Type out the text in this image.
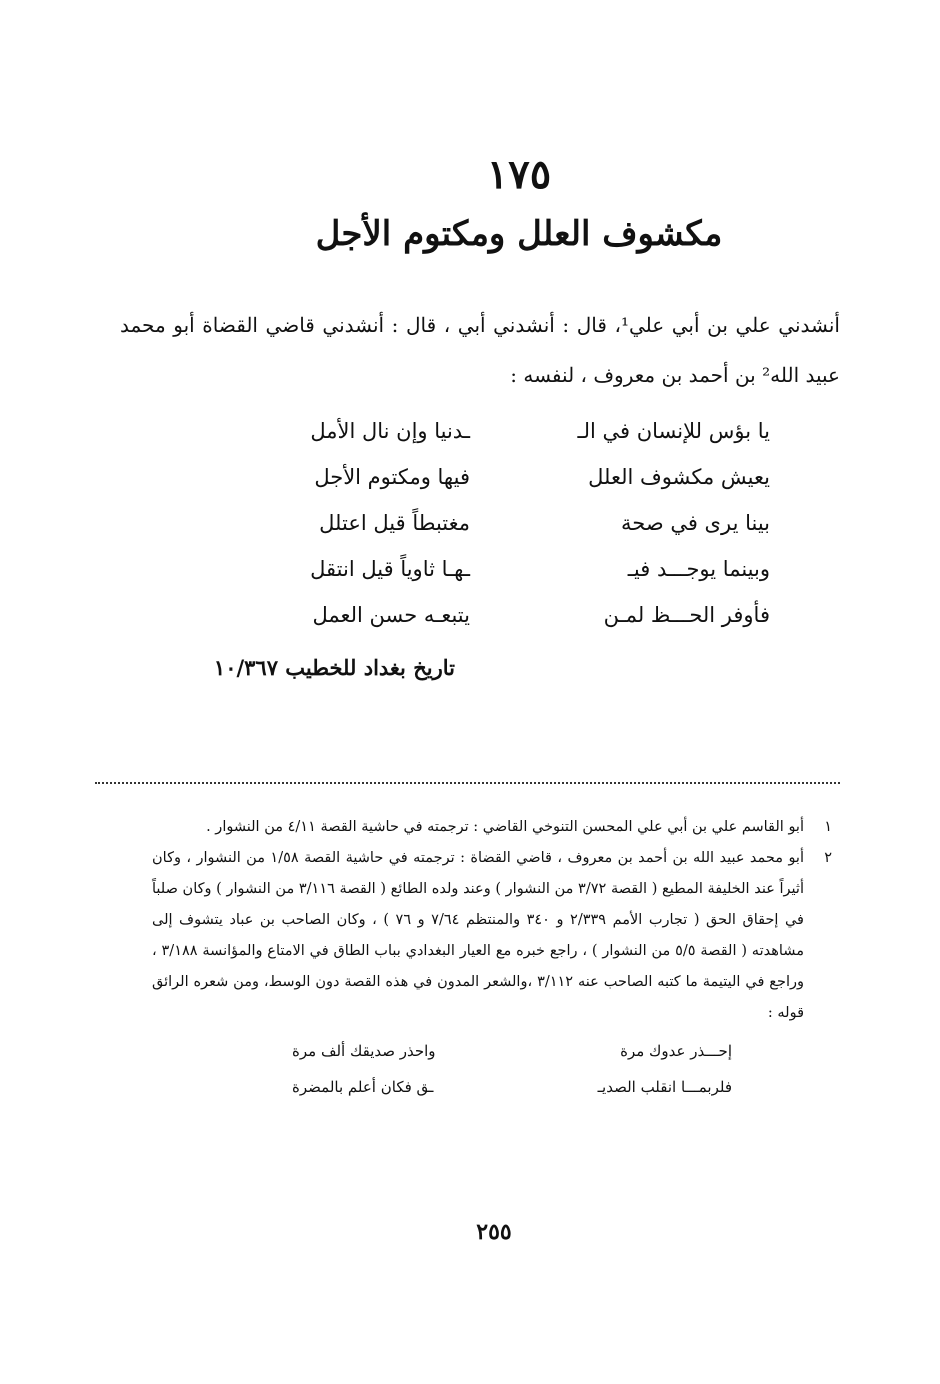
١٧٥
مكشوف العلل ومكتوم الأجل

أنشدني علي بن أبي علي¹، قال : أنشدني أبي ، قال : أنشدني قاضي القضاة أبو محمد عبيد الله² بن أحمد بن معروف ، لنفسه :

يا بؤس للإنسان في الـ
ـدنيا وإن نال الأمل
يعيش مكشوف العلل
فيها ومكتوم الأجل
بينا يرى في صحة
مغتبطاً قيل اعتلل
وبينما يوجـــد فيـ
ـهـا ثاوياً قيل انتقل
فأوفر الحـــظ لمـن
يتبعـه حسن العمل
تاريخ بغداد للخطيب ١٠/٣٦٧
١
أبو القاسم علي بن أبي علي المحسن التنوخي القاضي : ترجمته في حاشية القصة ٤/١١ من النشوار .
٢
أبو محمد عبيد الله بن أحمد بن معروف ، قاضي القضاة : ترجمته في حاشية القصة ١/٥٨ من النشوار ، وكان أثيراً عند الخليفة المطيع ( القصة ٣/٧٢ من النشوار ) وعند ولده الطائع ( القصة ٣/١١٦ من النشوار ) وكان صلباً في إحقاق الحق ( تجارب الأمم ٢/٣٣٩ و ٣٤٠ والمنتظم ٧/٦٤ و ٧٦ ) ، وكان الصاحب بن عباد يتشوف إلى مشاهدته ( القصة ٥/٥ من النشوار ) ، راجع خبره مع العيار البغدادي بباب الطاق في الامتاع والمؤانسة ٣/١٨٨ ، وراجع في اليتيمة ما كتبه الصاحب عنه ٣/١١٢ ،والشعر المدون في هذه القصة دون الوسط، ومن شعره الرائق قوله :
إحـــذر عدوك مرة
واحذر صديقك ألف مرة
فلربمـــا انقلب الصديـ
ـق فكان أعلم بالمضرة
٢٥٥
